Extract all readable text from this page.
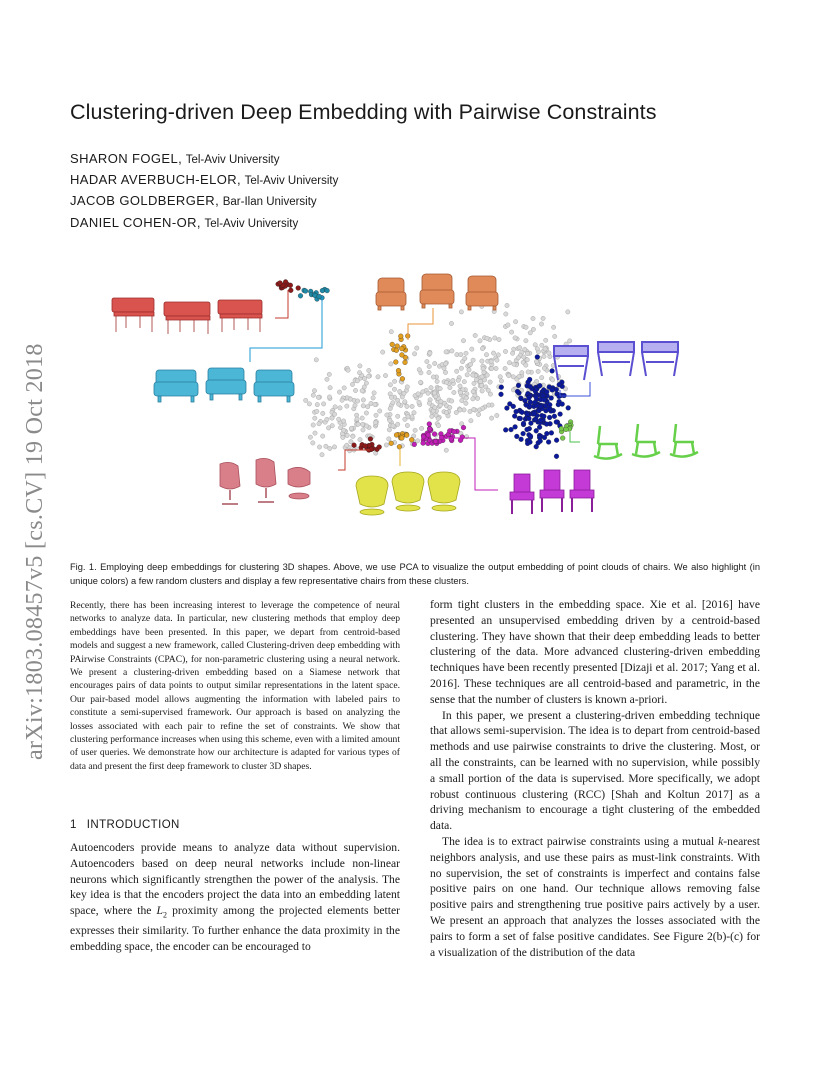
Clustering-driven Deep Embedding with Pairwise Constraints
SHARON FOGEL, Tel-Aviv University
HADAR AVERBUCH-ELOR, Tel-Aviv University
JACOB GOLDBERGER, Bar-Ilan University
DANIEL COHEN-OR, Tel-Aviv University
arXiv:1803.08457v5 [cs.CV] 19 Oct 2018 Fig. 1. Employing deep embeddings for clustering 3D shapes. Above, we use PCA to visualize the output embedding of point clouds of chairs. We also highlight (in unique colors) a few random clusters and display a few representative chairs from these clusters.
Recently, there has been increasing interest to leverage the competence of neural networks to analyze data. In particular, new clustering methods that employ deep embeddings have been presented. In this paper, we depart from centroid-based models and suggest a new framework, called Clustering-driven deep embedding with PAirwise Constraints (CPAC), for non-parametric clustering using a neural network. We present a clustering-driven embedding based on a Siamese network that encourages pairs of data points to output similar representations in the latent space. Our pair-based model allows augmenting the information with labeled pairs to constitute a semi-supervised framework. Our approach is based on analyzing the losses associated with each pair to refine the set of constraints. We show that clustering performance increases when using this scheme, even with a limited amount of user queries. We demonstrate how our architecture is adapted for various types of data and present the first deep framework to cluster 3D shapes.
1 INTRODUCTION

Autoencoders provide means to analyze data without supervision. Autoencoders based on deep neural networks include non-linear neurons which significantly strengthen the power of the analysis. The key idea is that the encoders project the data into an embedding latent space, where the $L_2$ proximity among the projected elements better expresses their similarity. To further enhance the data proximity in the embedding space, the encoder can be encouraged to

form tight clusters in the embedding space. Xie et al. [2016] have presented an unsupervised embedding driven by a centroid-based clustering. They have shown that their deep embedding leads to better clustering of the data. More advanced clustering-driven embedding techniques have been recently presented [Dizaji et al. 2017; Yang et al. 2016]. These techniques are all centroid-based and parametric, in the sense that the number of clusters is known a-priori.

In this paper, we present a clustering-driven embedding technique that allows semi-supervision. The idea is to depart from centroid-based methods and use pairwise constraints to drive the clustering. Most, or all the constraints, can be learned with no supervision, while possibly a small portion of the data is supervised. More specifically, we adopt robust continuous clustering (RCC) [Shah and Koltun 2017] as a driving mechanism to encourage a tight clustering of the embedded data.

The idea is to extract pairwise constraints using a mutual k-nearest neighbors analysis, and use these pairs as must-link constraints. With no supervision, the set of constraints is imperfect and contains false positive pairs on one hand. Our technique allows removing false positive pairs and strengthening true positive pairs actively by a user. We present an approach that analyzes the losses associated with the pairs to form a set of false positive candidates. See Figure 2(b)-(c) for a visualization of the distribution of the data
